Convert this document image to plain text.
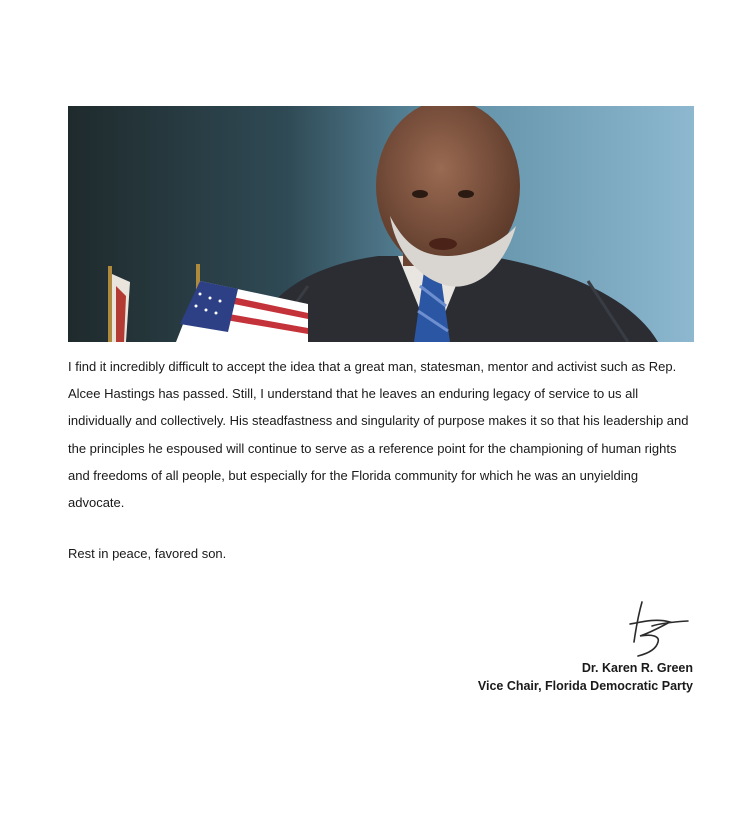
I find it incredibly difficult to accept the idea that a great man, statesman, mentor and activist such as Rep. Alcee Hastings has passed. Still, I understand that he leaves an enduring legacy of service to us all individually and collectively. His steadfastness and singularity of purpose makes it so that his leadership and the principles he espoused will continue to serve as a reference point for the championing of human rights and freedoms of all people, but especially for the Florida community for which he was an unyielding advocate.

Rest in peace, favored son.

Dr. Karen R. Green
Vice Chair, Florida Democratic Party
